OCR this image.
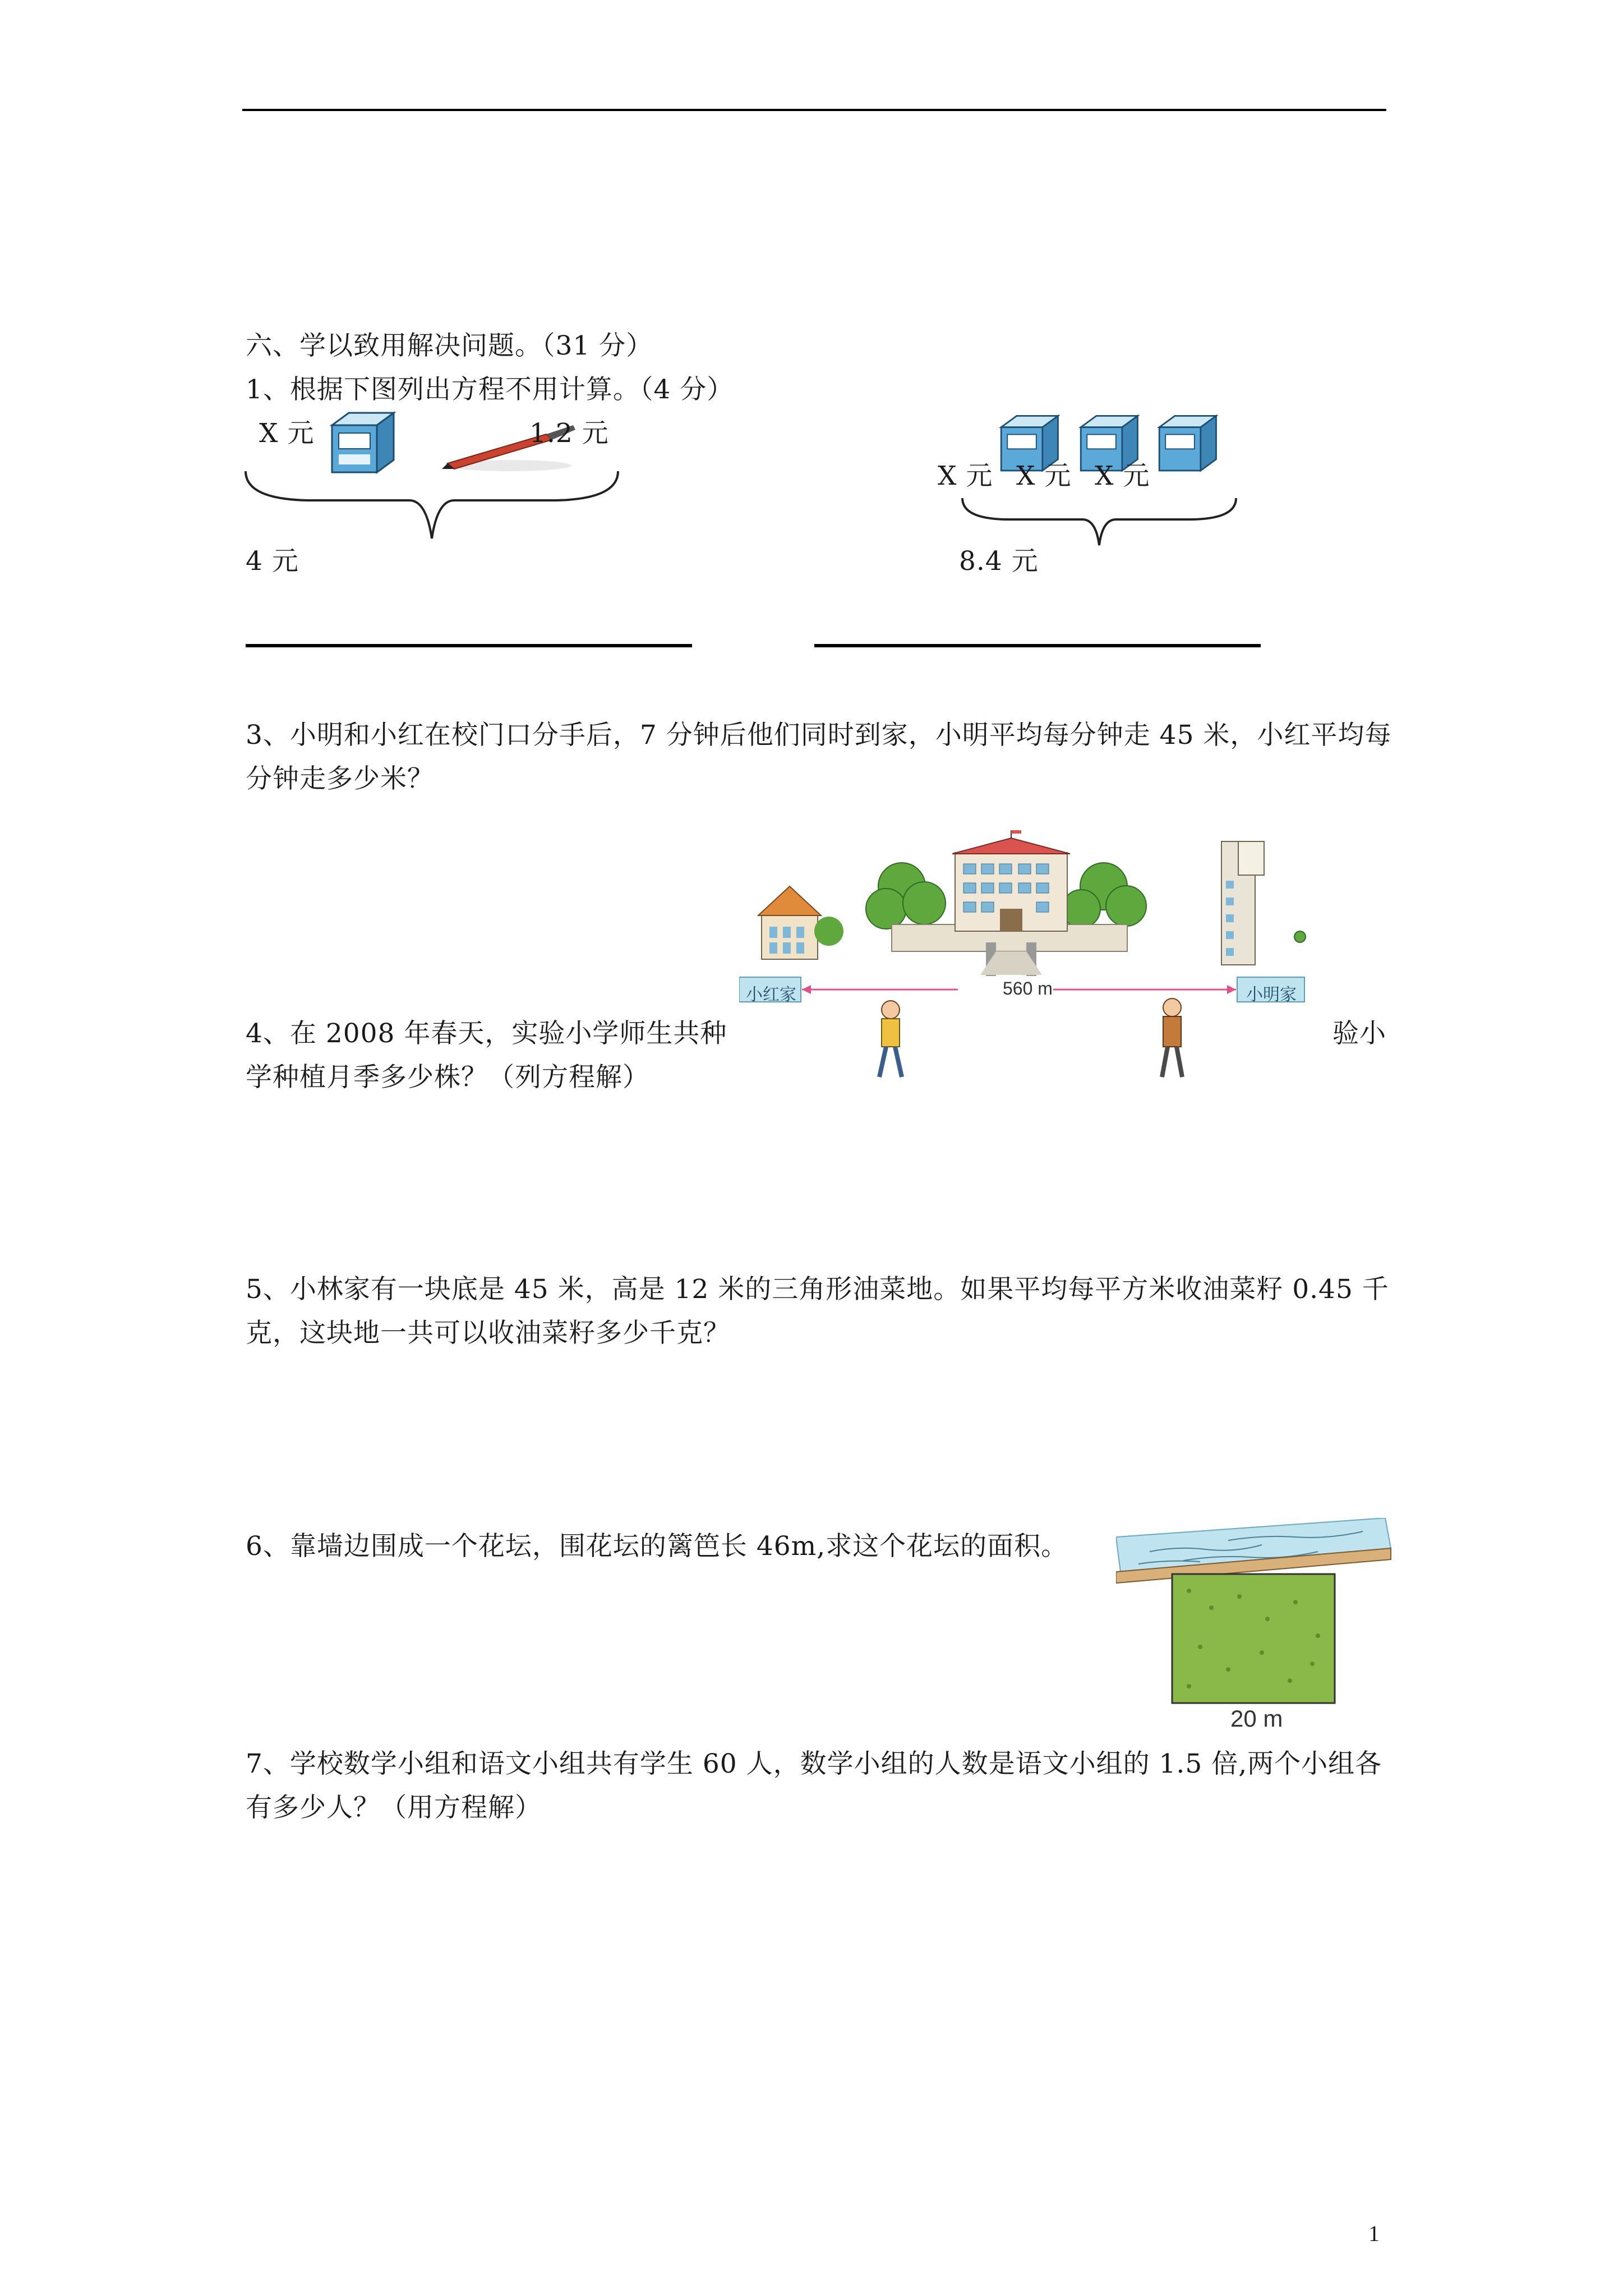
六、学以致用解决问题。（31 分）
1、根据下图列出方程不用计算。（4 分）
X 元	1.2 元
4 元
X 元 X 元 X 元
8.4 元
3、小明和小红在校门口分手后，7 分钟后他们同时到家，小明平均每分钟走 45 米，小红平均每分钟走多少米？
小红家	小明家
560 m
4、在 2008 年春天，实验小学师生共种	验小
学种植月季多少株？（列方程解）
5、小林家有一块底是 45 米，高是 12 米的三角形油菜地。如果平均每平方米收油菜籽 0.45 千克，这块地一共可以收油菜籽多少千克？
6、靠墙边围成一个花坛，围花坛的篱笆长 46m,求这个花坛的面积。
20 m
7、学校数学小组和语文小组共有学生 60 人，数学小组的人数是语文小组的 1.5 倍,两个小组各有多少人？（用方程解）
1
